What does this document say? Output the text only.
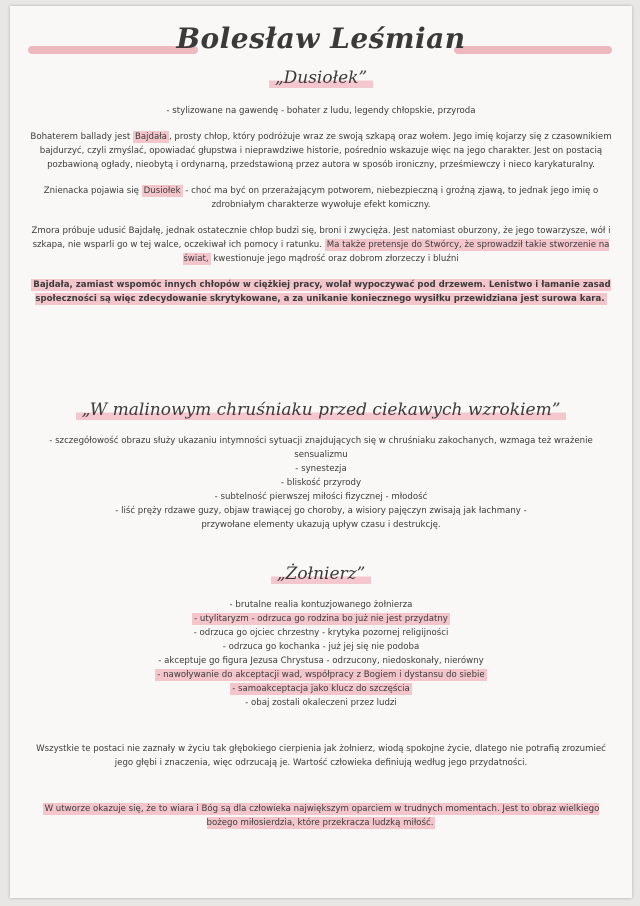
Bolesław Leśmian
„Dusiołek”

- stylizowane na gawendę - bohater z ludu, legendy chłopskie, przyroda

Bohaterem ballady jest Bajdała , prosty chłop, który podróżuje wraz ze swoją szkapą oraz wołem. Jego imię kojarzy się z czasownikiem bajdurzyć, czyli zmyślać, opowiadać głupstwa i nieprawdziwe historie, pośrednio wskazuje więc na jego charakter. Jest on postacią pozbawioną ogłady, nieobytą i ordynarną, przedstawioną przez autora w sposób ironiczny, prześmiewczy i nieco karykaturalny.

Znienacka pojawia się Dusiołek - choć ma być on przerażającym potworem, niebezpieczną i groźną zjawą, to jednak jego imię o zdrobniałym charakterze wywołuje efekt komiczny.

Zmora próbuje udusić Bajdałę, jednak ostatecznie chłop budzi się, broni i zwycięża. Jest natomiast oburzony, że jego towarzysze, wół i szkapa, nie wsparli go w tej walce, oczekiwał ich pomocy i ratunku. Ma także pretensje do Stwórcy, że sprowadził takie stworzenie na świat, kwestionuje jego mądrość oraz dobrom złorzeczy i bluźni

Bajdała, zamiast wspomóc innych chłopów w ciężkiej pracy, wolał wypoczywać pod drzewem. Lenistwo i łamanie zasad społeczności są więc zdecydowanie skrytykowane, a za unikanie koniecznego wysiłku przewidziana jest surowa kara.

„W malinowym chruśniaku przed ciekawych wzrokiem”
- szczegółowość obrazu służy ukazaniu intymności sytuacji znajdujących się w chruśniaku zakochanych, wzmaga też wrażenie sensualizmu
- synestezja
- bliskość przyrody
- subtelność pierwszej miłości fizycznej - młodość
- liść pręży rdzawe guzy, objaw trawiącej go choroby, a wisiory pajęczyn zwisają jak łachmany -
przywołane elementy ukazują upływ czasu i destrukcję.
„Żołnierz”
- brutalne realia kontuzjowanego żołnierza
- utylitaryzm - odrzuca go rodzina bo już nie jest przydatny
- odrzuca go ojciec chrzestny - krytyka pozornej religijności
- odrzuca go kochanka - już jej się nie podoba
- akceptuje go figura Jezusa Chrystusa - odrzucony, niedoskonały, nierówny
- nawoływanie do akceptacji wad, współpracy z Bogiem i dystansu do siebie
- samoakceptacja jako klucz do szczęścia
- obaj zostali okaleczeni przez ludzi

Wszystkie te postaci nie zaznały w życiu tak głębokiego cierpienia jak żołnierz, wiodą spokojne życie, dlatego nie potrafią zrozumieć jego głębi i znaczenia, więc odrzucają je. Wartość człowieka definiują według jego przydatności.

W utworze okazuje się, że to wiara i Bóg są dla człowieka największym oparciem w trudnych momentach. Jest to obraz wielkiego bożego miłosierdzia, które przekracza ludzką miłość.
